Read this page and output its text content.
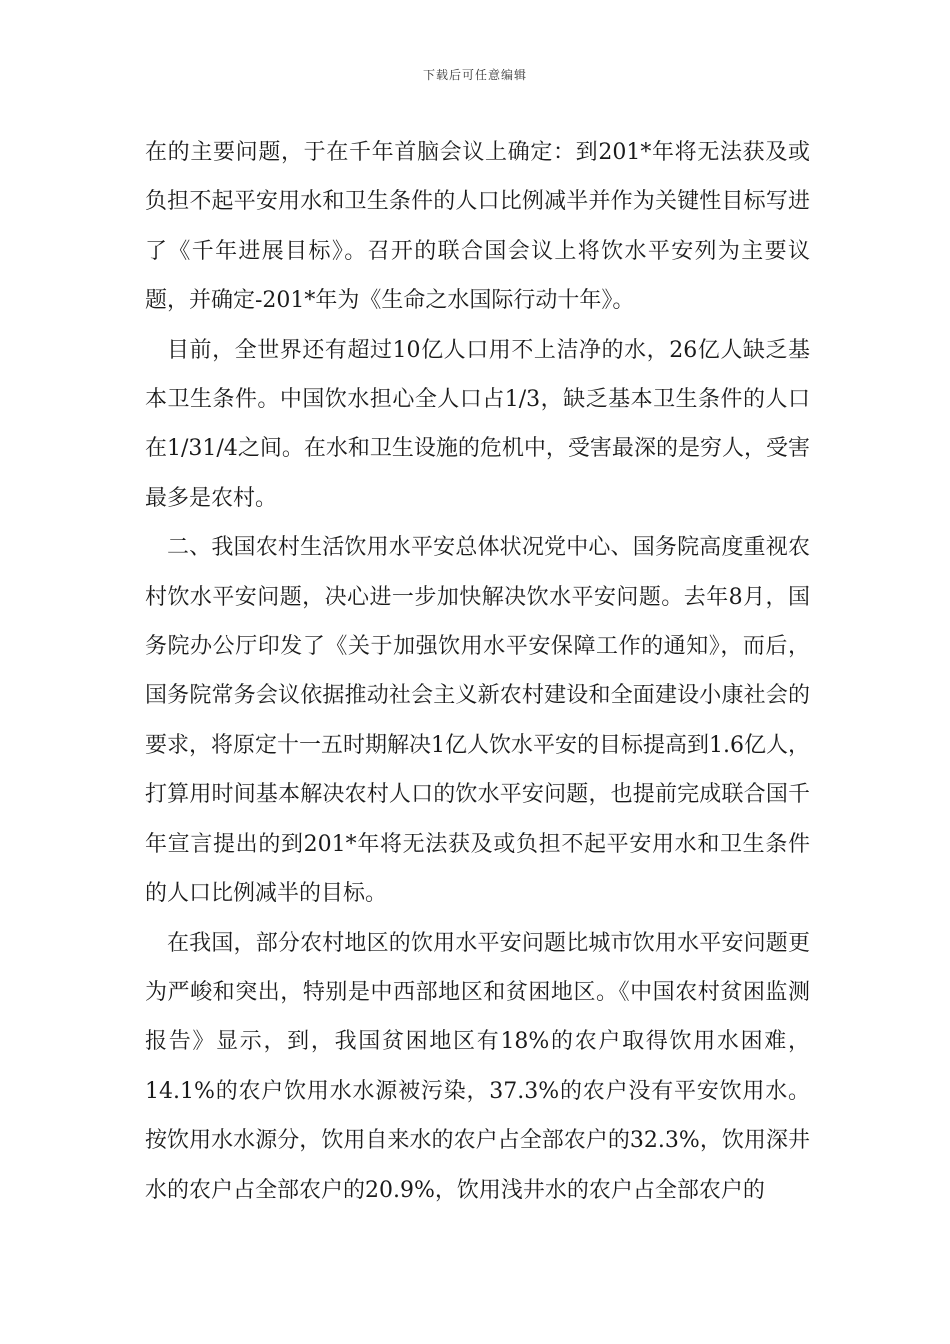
下载后可任意编辑

在的主要问题，于在千年首脑会议上确定：到201*年将无法获及或负担不起平安用水和卫生条件的人口比例减半并作为关键性目标写进了《千年进展目标》。召开的联合国会议上将饮水平安列为主要议题，并确定-201*年为《生命之水国际行动十年》。

目前，全世界还有超过10亿人口用不上洁净的水，26亿人缺乏基本卫生条件。中国饮水担心全人口占1/3，缺乏基本卫生条件的人口在1/31/4之间。在水和卫生设施的危机中，受害最深的是穷人，受害最多是农村。

二、我国农村生活饮用水平安总体状况党中心、国务院高度重视农村饮水平安问题，决心进一步加快解决饮水平安问题。去年8月，国务院办公厅印发了《关于加强饮用水平安保障工作的通知》，而后，国务院常务会议依据推动社会主义新农村建设和全面建设小康社会的要求，将原定十一五时期解决1亿人饮水平安的目标提高到1.6亿人，打算用时间基本解决农村人口的饮水平安问题，也提前完成联合国千年宣言提出的到201*年将无法获及或负担不起平安用水和卫生条件的人口比例减半的目标。

在我国，部分农村地区的饮用水平安问题比城市饮用水平安问题更为严峻和突出，特别是中西部地区和贫困地区。《中国农村贫困监测报告》显示，到，我国贫困地区有18%的农户取得饮用水困难，14.1%的农户饮用水水源被污染，37.3%的农户没有平安饮用水。按饮用水水源分，饮用自来水的农户占全部农户的32.3%，饮用深井水的农户占全部农户的20.9%，饮用浅井水的农户占全部农户的
